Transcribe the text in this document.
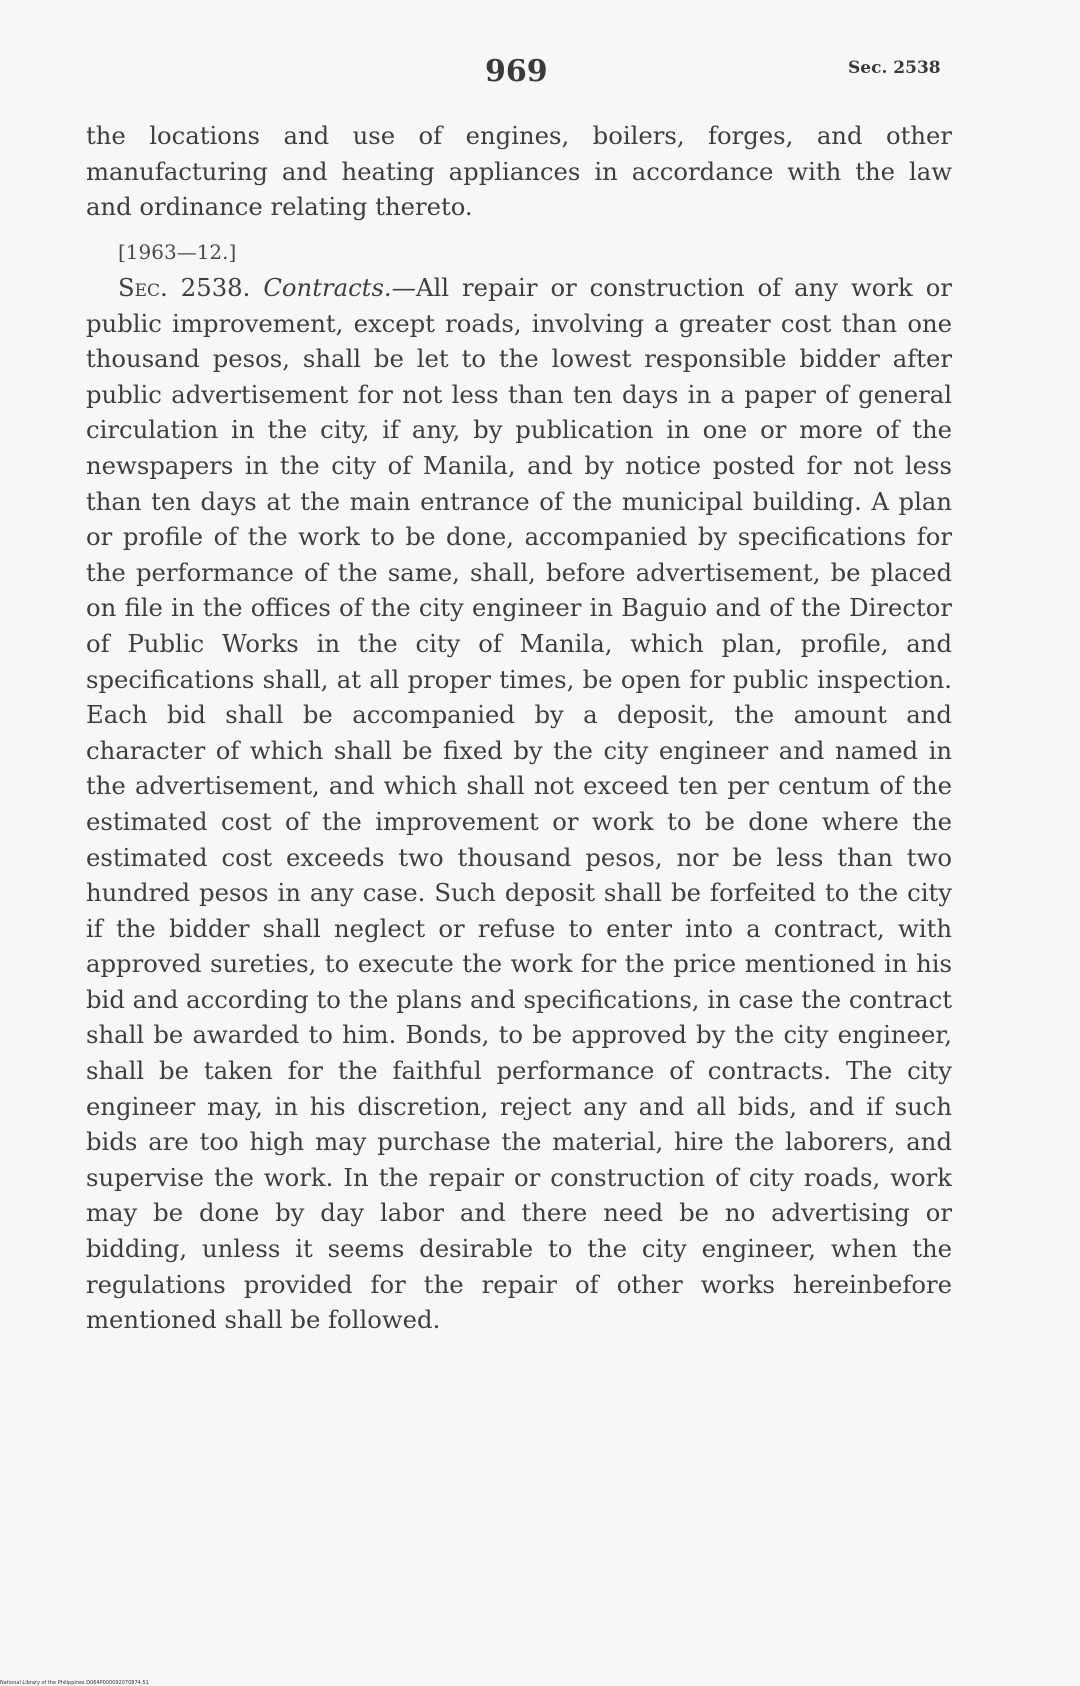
969	Sec. 2538
the locations and use of engines, boilers, forges, and other manufacturing and heating appliances in accordance with the law and ordinance relating thereto.
[1963—12.]
Sec. 2538. Contracts.—All repair or construction of any work or public improvement, except roads, involving a greater cost than one thousand pesos, shall be let to the lowest responsible bidder after public advertisement for not less than ten days in a paper of general circulation in the city, if any, by publication in one or more of the newspapers in the city of Manila, and by notice posted for not less than ten days at the main entrance of the municipal building. A plan or profile of the work to be done, accompanied by specifications for the performance of the same, shall, before advertisement, be placed on file in the offices of the city engineer in Baguio and of the Director of Public Works in the city of Manila, which plan, profile, and specifications shall, at all proper times, be open for public inspection. Each bid shall be accompanied by a deposit, the amount and character of which shall be fixed by the city engineer and named in the advertisement, and which shall not exceed ten per centum of the estimated cost of the improvement or work to be done where the estimated cost exceeds two thousand pesos, nor be less than two hundred pesos in any case. Such deposit shall be forfeited to the city if the bidder shall neglect or refuse to enter into a contract, with approved sureties, to execute the work for the price mentioned in his bid and according to the plans and specifications, in case the contract shall be awarded to him. Bonds, to be approved by the city engineer, shall be taken for the faithful performance of contracts. The city engineer may, in his discretion, reject any and all bids, and if such bids are too high may purchase the material, hire the laborers, and supervise the work. In the repair or construction of city roads, work may be done by day labor and there need be no advertising or bidding, unless it seems desirable to the city engineer, when the regulations provided for the repair of other works hereinbefore mentioned shall be followed.
National Library of the Philippines D064P000092070874 51
